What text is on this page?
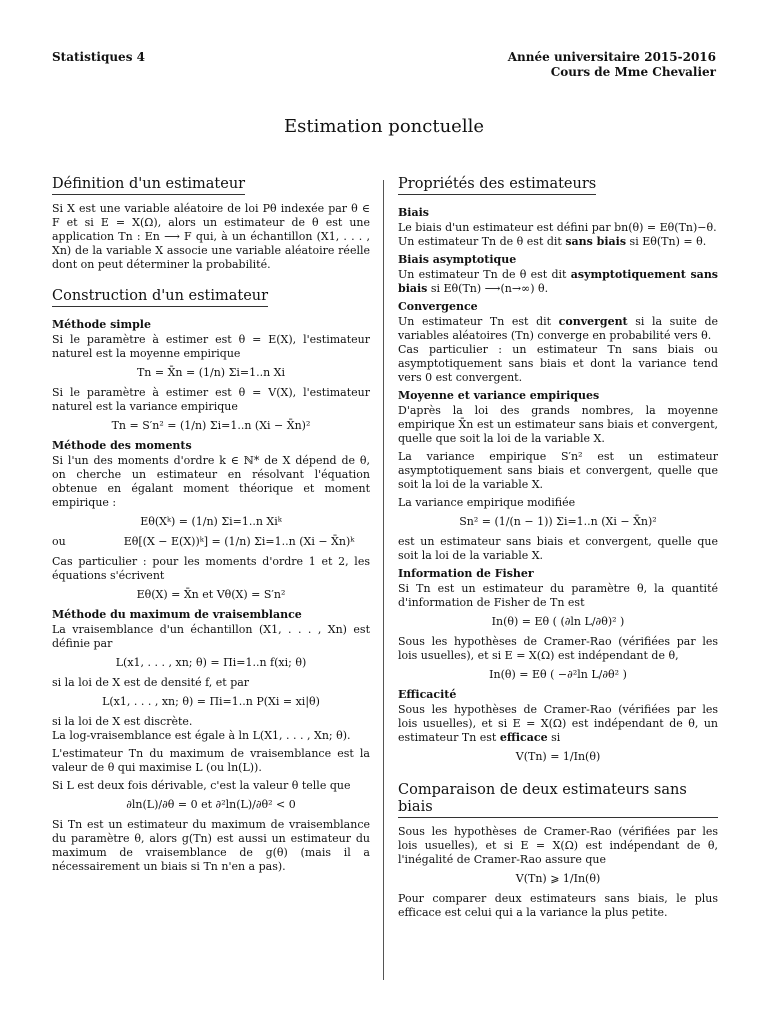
Statistiques 4	Année universitaire 2015-2016
Cours de Mme Chevalier
Estimation ponctuelle
Définition d'un estimateur

Si X est une variable aléatoire de loi Pθ indexée par θ ∈ F et si E = X(Ω), alors un estimateur de θ est une application Tn : En ⟶ F qui, à un échantillon (X1, . . . , Xn) de la variable X associe une variable aléatoire réelle dont on peut déterminer la probabilité.

Construction d'un estimateur
Méthode simple

Si le paramètre à estimer est θ = E(X), l'estimateur naturel est la moyenne empirique

Tn = X̄n = (1/n) Σi=1..n Xi

Si le paramètre à estimer est θ = V(X), l'estimateur naturel est la variance empirique

Tn = S′n² = (1/n) Σi=1..n (Xi − X̄n)²
Méthode des moments

Si l'un des moments d'ordre k ∈ ℕ* de X dépend de θ, on cherche un estimateur en résolvant l'équation obtenue en égalant moment théorique et moment empirique :

Eθ(Xᵏ) = (1/n) Σi=1..n Xiᵏ
ou	Eθ[(X − E(X))ᵏ] = (1/n) Σi=1..n (Xi − X̄n)ᵏ

Cas particulier : pour les moments d'ordre 1 et 2, les équations s'écrivent

Eθ(X) = X̄n et Vθ(X) = S′n²
Méthode du maximum de vraisemblance

La vraisemblance d'un échantillon (X1, . . . , Xn) est définie par

L(x1, . . . , xn; θ) = Πi=1..n f(xi; θ)

si la loi de X est de densité f, et par

L(x1, . . . , xn; θ) = Πi=1..n P(Xi = xi|θ)

si la loi de X est discrète.

La log-vraisemblance est égale à ln L(X1, . . . , Xn; θ).

L'estimateur Tn du maximum de vraisemblance est la valeur de θ qui maximise L (ou ln(L)).

Si L est deux fois dérivable, c'est la valeur θ telle que

∂ln(L)/∂θ = 0 et ∂²ln(L)/∂θ² < 0

Si Tn est un estimateur du maximum de vraisemblance du paramètre θ, alors g(Tn) est aussi un estimateur du maximum de vraisemblance de g(θ) (mais il a nécessairement un biais si Tn n'en a pas).

Propriétés des estimateurs
Biais

Le biais d'un estimateur est défini par bn(θ) = Eθ(Tn)−θ.

Un estimateur Tn de θ est dit sans biais si Eθ(Tn) = θ.

Biais asymptotique

Un estimateur Tn de θ est dit asymptotiquement sans biais si Eθ(Tn) ⟶(n→∞) θ.

Convergence

Un estimateur Tn est dit convergent si la suite de variables aléatoires (Tn) converge en probabilité vers θ.

Cas particulier : un estimateur Tn sans biais ou asymptotiquement sans biais et dont la variance tend vers 0 est convergent.

Moyenne et variance empiriques

D'après la loi des grands nombres, la moyenne empirique X̄n est un estimateur sans biais et convergent, quelle que soit la loi de la variable X.

La variance empirique S′n² est un estimateur asymptotiquement sans biais et convergent, quelle que soit la loi de la variable X.

La variance empirique modifiée

Sn² = (1/(n − 1)) Σi=1..n (Xi − X̄n)²

est un estimateur sans biais et convergent, quelle que soit la loi de la variable X.

Information de Fisher

Si Tn est un estimateur du paramètre θ, la quantité d'information de Fisher de Tn est

In(θ) = Eθ ( (∂ln L/∂θ)² )

Sous les hypothèses de Cramer-Rao (vérifiées par les lois usuelles), et si E = X(Ω) est indépendant de θ,

In(θ) = Eθ ( −∂²ln L/∂θ² )
Efficacité

Sous les hypothèses de Cramer-Rao (vérifiées par les lois usuelles), et si E = X(Ω) est indépendant de θ, un estimateur Tn est efficace si

V(Tn) = 1/In(θ)
Comparaison de deux estimateurs sans biais

Sous les hypothèses de Cramer-Rao (vérifiées par les lois usuelles), et si E = X(Ω) est indépendant de θ, l'inégalité de Cramer-Rao assure que

V(Tn) ⩾ 1/In(θ)

Pour comparer deux estimateurs sans biais, le plus efficace est celui qui a la variance la plus petite.
